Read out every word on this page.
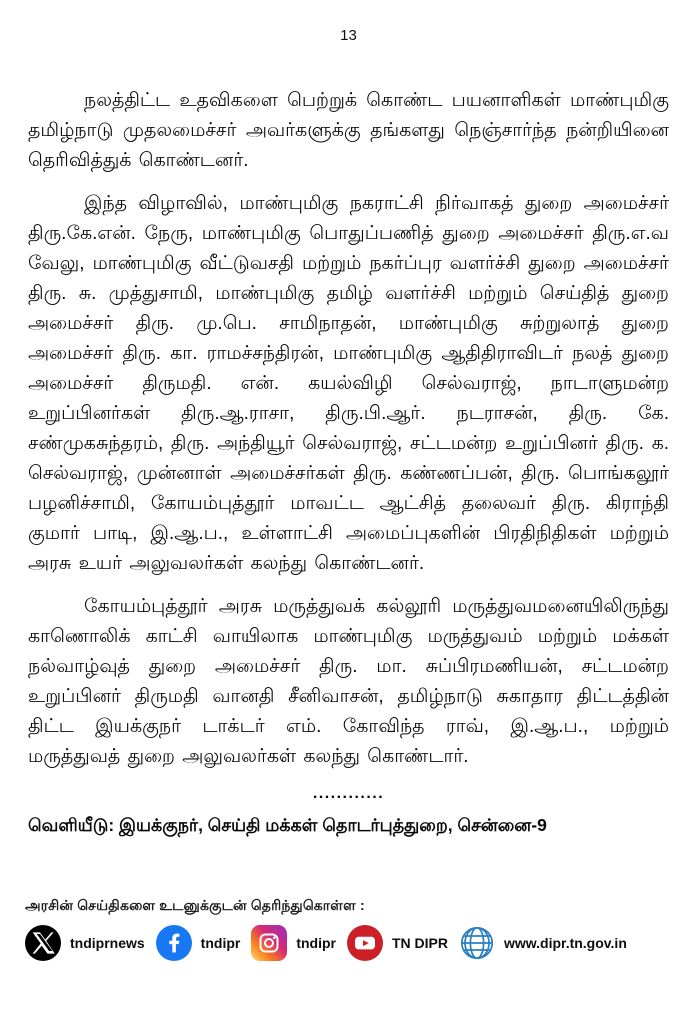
13

நலத்திட்ட உதவிகளை பெற்றுக் கொண்ட பயனாளிகள் மாண்புமிகு தமிழ்நாடு முதலமைச்சர் அவர்களுக்கு தங்களது நெஞ்சார்ந்த நன்றியினை தெரிவித்துக் கொண்டனர்.

இந்த விழாவில், மாண்புமிகு நகராட்சி நிர்வாகத் துறை அமைச்சர் திரு.கே.என். நேரு, மாண்புமிகு பொதுப்பணித் துறை அமைச்சர் திரு.எ.வ வேலு, மாண்புமிகு வீட்டுவசதி மற்றும் நகர்ப்புர வளர்ச்சி துறை அமைச்சர் திரு. சு. முத்துசாமி, மாண்புமிகு தமிழ் வளர்ச்சி மற்றும் செய்தித் துறை அமைச்சர் திரு. மு.பெ. சாமிநாதன், மாண்புமிகு சுற்றுலாத் துறை அமைச்சர் திரு. கா. ராமச்சந்திரன், மாண்புமிகு ஆதிதிராவிடர் நலத் துறை அமைச்சர் திருமதி. என். கயல்விழி செல்வராஜ், நாடாளுமன்ற உறுப்பினர்கள் திரு.ஆ.ராசா, திரு.பி.ஆர். நடராசன், திரு. கே. சண்முகசுந்தரம், திரு. அந்தியூர் செல்வராஜ், சட்டமன்ற உறுப்பினர் திரு. க. செல்வராஜ், முன்னாள் அமைச்சர்கள் திரு. கண்ணப்பன், திரு. பொங்கலூர் பழனிச்சாமி, கோயம்புத்தூர் மாவட்ட ஆட்சித் தலைவர் திரு. கிராந்தி குமார் பாடி, இ.ஆ.ப., உள்ளாட்சி அமைப்புகளின் பிரதிநிதிகள் மற்றும் அரசு உயர் அலுவலர்கள் கலந்து கொண்டனர்.

கோயம்புத்தூர் அரசு மருத்துவக் கல்லூரி மருத்துவமனையிலிருந்து காணொலிக் காட்சி வாயிலாக மாண்புமிகு மருத்துவம் மற்றும் மக்கள் நல்வாழ்வுத் துறை அமைச்சர் திரு. மா. சுப்பிரமணியன், சட்டமன்ற உறுப்பினர் திருமதி வானதி சீனிவாசன், தமிழ்நாடு சுகாதார திட்டத்தின் திட்ட இயக்குநர் டாக்டர் எம். கோவிந்த ராவ், இ.ஆ.ப., மற்றும் மருத்துவத் துறை அலுவலர்கள் கலந்து கொண்டார்.

............

வெளியீடு: இயக்குநர், செய்தி மக்கள் தொடர்புத்துறை, சென்னை-9

அரசின் செய்திகளை உடனுக்குடன் தெரிந்துகொள்ள :
tndiprnews	tndipr	tndipr	TN DIPR	www.dipr.tn.gov.in
